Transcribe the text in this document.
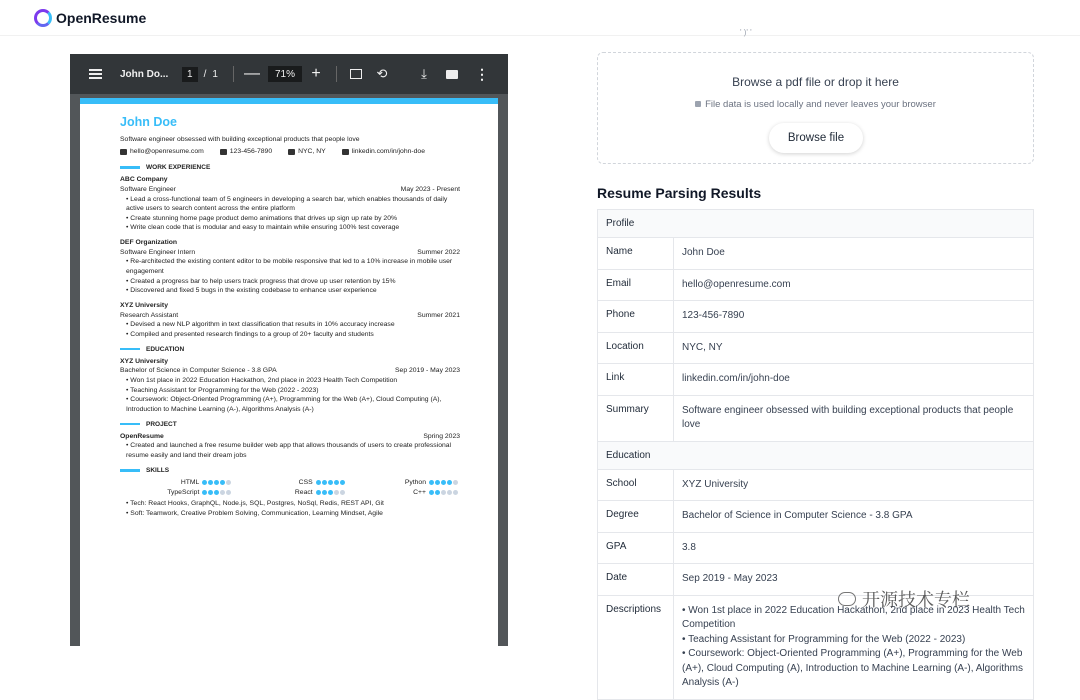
OpenResume
John Do...	1	/ 1 —	71%	+	⟲	⤓	⋮
John Doe
Software engineer obsessed with building exceptional products that people love
hello@openresume.com	123-456-7890	NYC, NY	linkedin.com/in/john-doe
WORK EXPERIENCE
ABC Company
Software Engineer	May 2023 - Present
• Lead a cross-functional team of 5 engineers in developing a search bar, which enables thousands of daily active users to search content across the entire platform
• Create stunning home page product demo animations that drives up sign up rate by 20%
• Write clean code that is modular and easy to maintain while ensuring 100% test coverage
DEF Organization
Software Engineer Intern	Summer 2022
• Re-architected the existing content editor to be mobile responsive that led to a 10% increase in mobile user engagement
• Created a progress bar to help users track progress that drove up user retention by 15%
• Discovered and fixed 5 bugs in the existing codebase to enhance user experience
XYZ University
Research Assistant	Summer 2021
• Devised a new NLP algorithm in text classification that results in 10% accuracy increase
• Compiled and presented research findings to a group of 20+ faculty and students
EDUCATION
XYZ University
Bachelor of Science in Computer Science - 3.8 GPA	Sep 2019 - May 2023
• Won 1st place in 2022 Education Hackathon, 2nd place in 2023 Health Tech Competition
• Teaching Assistant for Programming for the Web (2022 - 2023)
• Coursework: Object-Oriented Programming (A+), Programming for the Web (A+), Cloud Computing (A), Introduction to Machine Learning (A-), Algorithms Analysis (A-)
PROJECT
OpenResume	Spring 2023
• Created and launched a free resume builder web app that allows thousands of users to create professional resume easily and land their dream jobs
SKILLS
HTML	CSS	Python
TypeScript	React	C++
• Tech: React Hooks, GraphQL, Node.js, SQL, Postgres, NoSql, Redis, REST API, Git
• Soft: Teamwork, Creative Problem Solving, Communication, Learning Mindset, Agile
' )' '
Browse a pdf file or drop it here
File data is used locally and never leaves your browser
Browse file
Resume Parsing Results
Profile
Name	John Doe
Email	hello@openresume.com
Phone	123-456-7890
Location	NYC, NY
Link	linkedin.com/in/john-doe
Summary	Software engineer obsessed with building exceptional products that people love
Education
School	XYZ University
Degree	Bachelor of Science in Computer Science - 3.8 GPA
GPA	3.8
Date	Sep 2019 - May 2023
Descriptions	• Won 1st place in 2022 Education Hackathon, 2nd place in 2023 Health Tech Competition
• Teaching Assistant for Programming for the Web (2022 - 2023)
• Coursework: Object-Oriented Programming (A+), Programming for the Web (A+), Cloud Computing (A), Introduction to Machine Learning (A-), Algorithms Analysis (A-)
开源技术专栏
